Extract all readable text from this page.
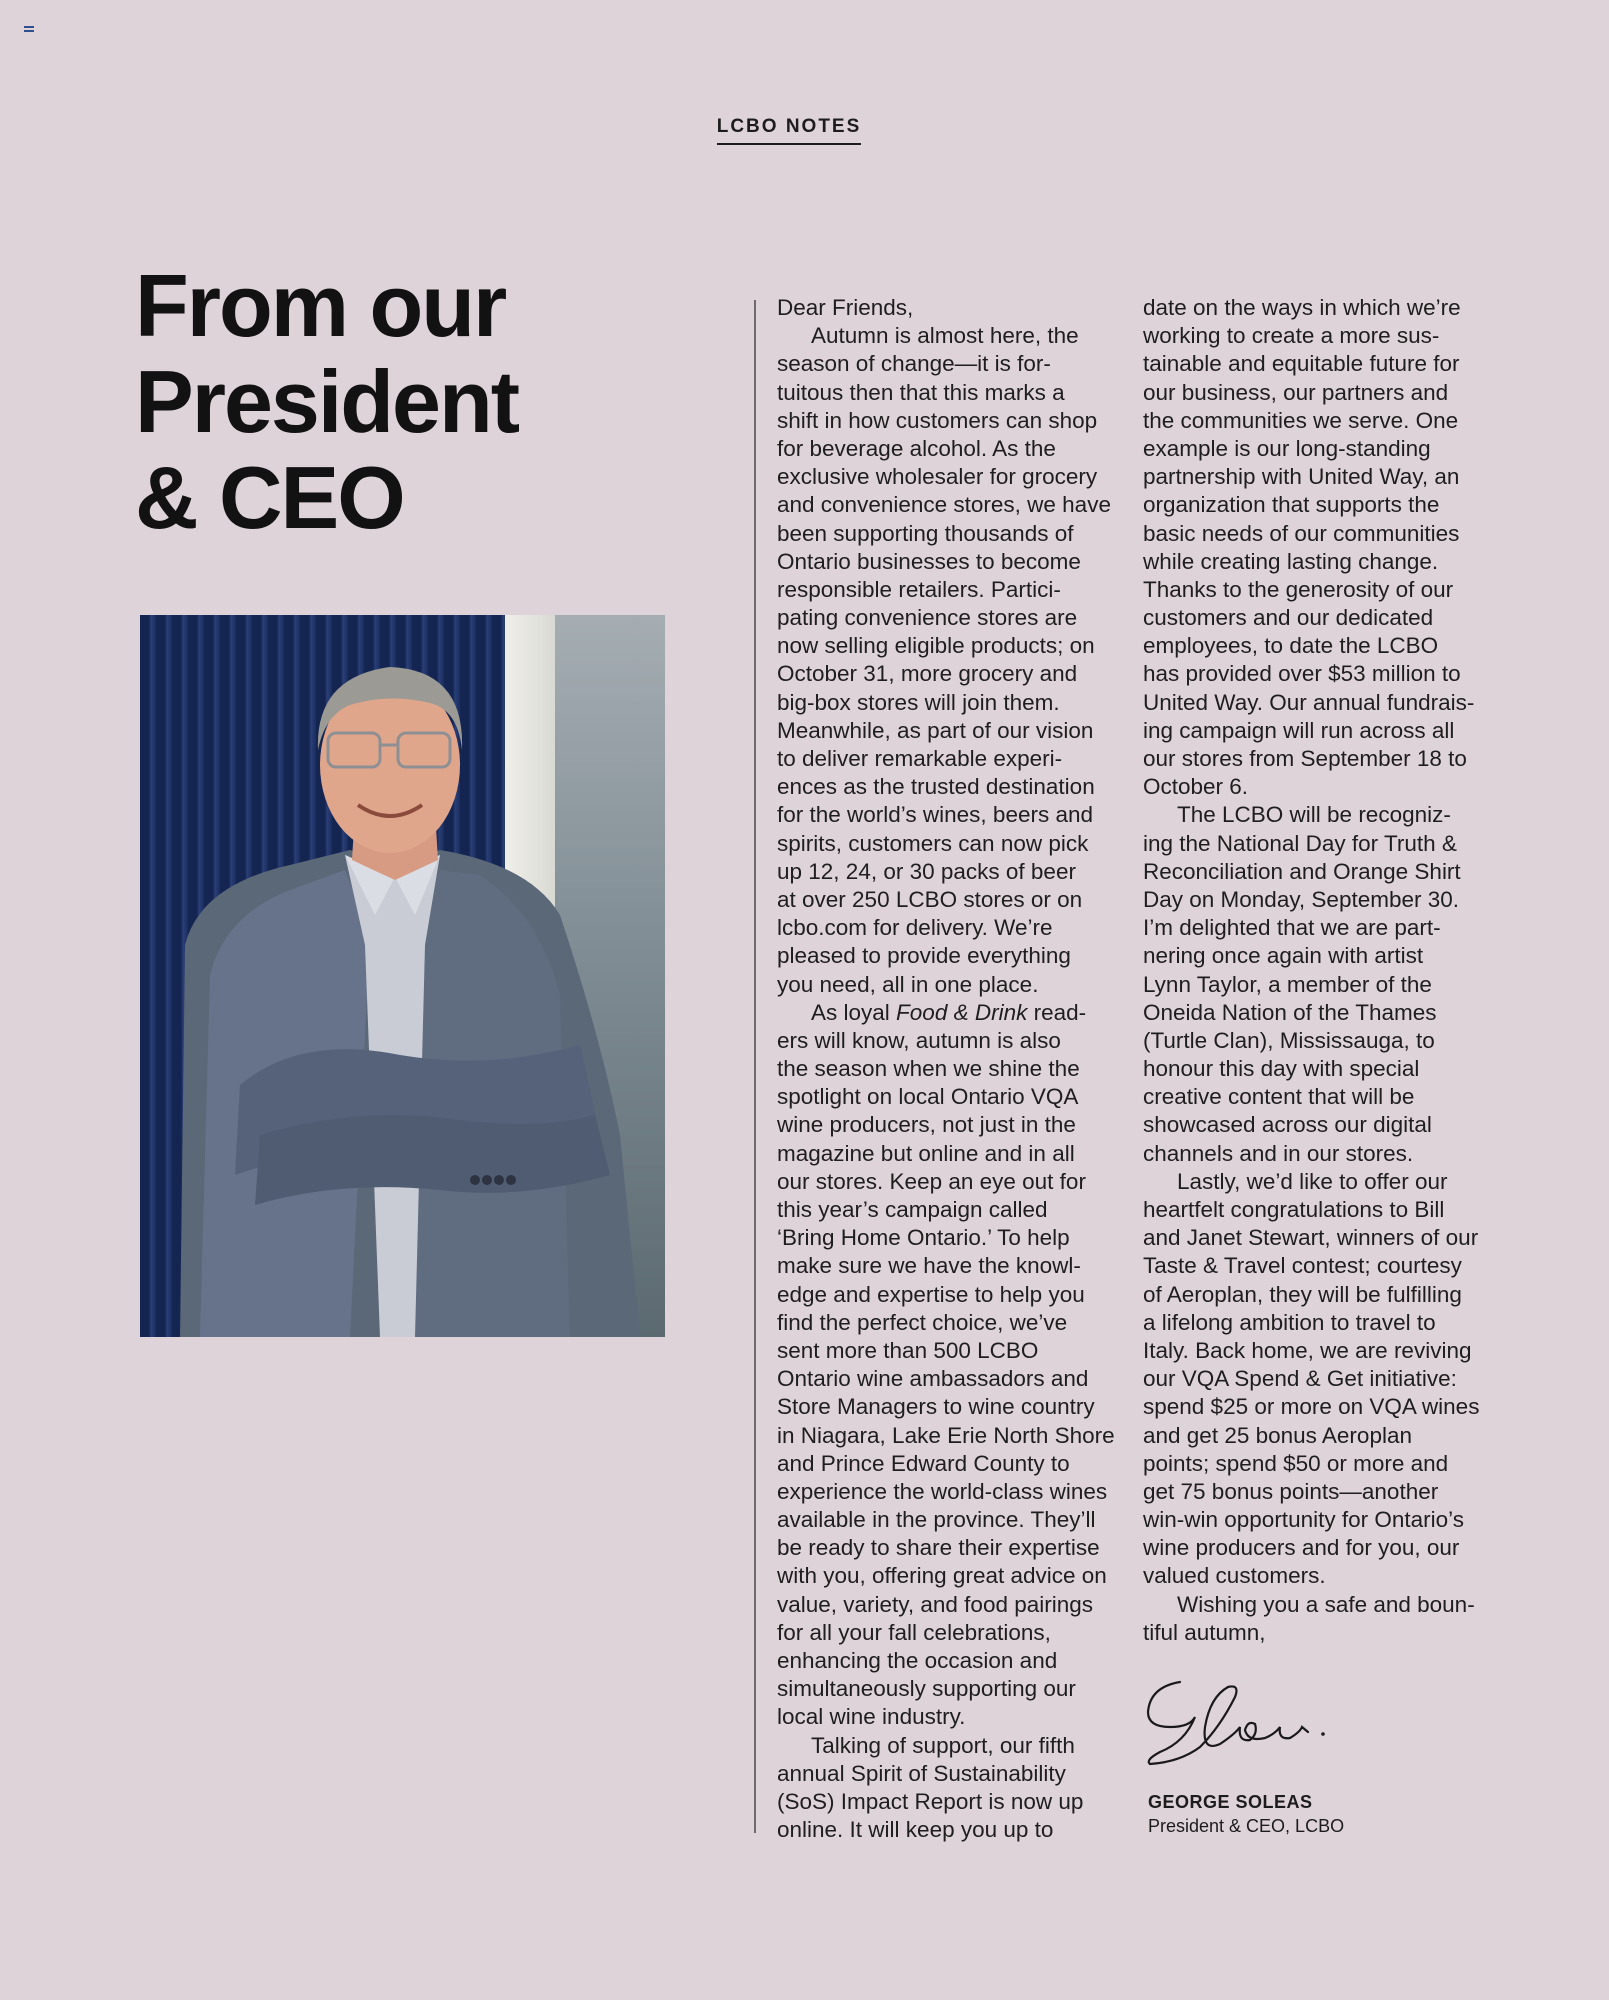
LCBO NOTES
From our
President
& CEO
Dear Friends,
Autumn is almost here, the
season of change—it is for-
tuitous then that this marks a
shift in how customers can shop
for beverage alcohol. As the
exclusive wholesaler for grocery
and convenience stores, we have
been supporting thousands of
Ontario businesses to become
responsible retailers. Partici-
pating convenience stores are
now selling eligible products; on
October 31, more grocery and
big-box stores will join them.
Meanwhile, as part of our vision
to deliver remarkable experi-
ences as the trusted destination
for the world’s wines, beers and
spirits, customers can now pick
up 12, 24, or 30 packs of beer
at over 250 LCBO stores or on
lcbo.com for delivery. We’re
pleased to provide everything
you need, all in one place.
As loyal Food & Drink read-
ers will know, autumn is also
the season when we shine the
spotlight on local Ontario VQA
wine producers, not just in the
magazine but online and in all
our stores. Keep an eye out for
this year’s campaign called
‘Bring Home Ontario.’ To help
make sure we have the knowl-
edge and expertise to help you
find the perfect choice, we’ve
sent more than 500 LCBO
Ontario wine ambassadors and
Store Managers to wine country
in Niagara, Lake Erie North Shore
and Prince Edward County to
experience the world-class wines
available in the province. They’ll
be ready to share their expertise
with you, offering great advice on
value, variety, and food pairings
for all your fall celebrations,
enhancing the occasion and
simultaneously supporting our
local wine industry.
Talking of support, our fifth
annual Spirit of Sustainability
(SoS) Impact Report is now up
online. It will keep you up to
date on the ways in which we’re
working to create a more sus-
tainable and equitable future for
our business, our partners and
the communities we serve. One
example is our long-standing
partnership with United Way, an
organization that supports the
basic needs of our communities
while creating lasting change.
Thanks to the generosity of our
customers and our dedicated
employees, to date the LCBO
has provided over $53 million to
United Way. Our annual fundrais-
ing campaign will run across all
our stores from September 18 to
October 6.
The LCBO will be recogniz-
ing the National Day for Truth &
Reconciliation and Orange Shirt
Day on Monday, September 30.
I’m delighted that we are part-
nering once again with artist
Lynn Taylor, a member of the
Oneida Nation of the Thames
(Turtle Clan), Mississauga, to
honour this day with special
creative content that will be
showcased across our digital
channels and in our stores.
Lastly, we’d like to offer our
heartfelt congratulations to Bill
and Janet Stewart, winners of our
Taste & Travel contest; courtesy
of Aeroplan, they will be fulfilling
a lifelong ambition to travel to
Italy. Back home, we are reviving
our VQA Spend & Get initiative:
spend $25 or more on VQA wines
and get 25 bonus Aeroplan
points; spend $50 or more and
get 75 bonus points—another
win-win opportunity for Ontario’s
wine producers and for you, our
valued customers.
Wishing you a safe and boun-
tiful autumn,
GEORGE SOLEAS
President & CEO, LCBO
